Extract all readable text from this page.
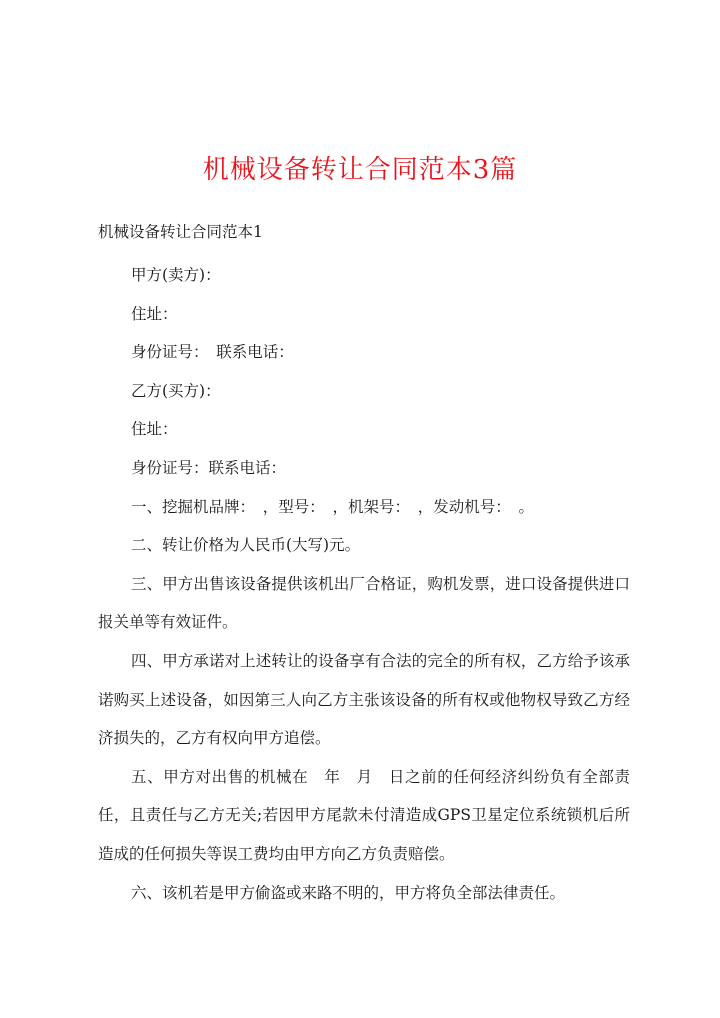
机械设备转让合同范本3篇
机械设备转让合同范本1

甲方(卖方)：

住址：

身份证号：　联系电话：

乙方(买方)：

住址：

身份证号：联系电话：

一、挖掘机品牌：　，型号：　，机架号：　，发动机号：　。

二、转让价格为人民币(大写)元。

三、甲方出售该设备提供该机出厂合格证，购机发票，进口设备提供进口报关单等有效证件。

四、甲方承诺对上述转让的设备享有合法的完全的所有权，乙方给予该承诺购买上述设备，如因第三人向乙方主张该设备的所有权或他物权导致乙方经济损失的，乙方有权向甲方追偿。

五、甲方对出售的机械在　年　月　日之前的任何经济纠纷负有全部责任，且责任与乙方无关;若因甲方尾款未付清造成GPS卫星定位系统锁机后所造成的任何损失等误工费均由甲方向乙方负责赔偿。

六、该机若是甲方偷盗或来路不明的，甲方将负全部法律责任。
